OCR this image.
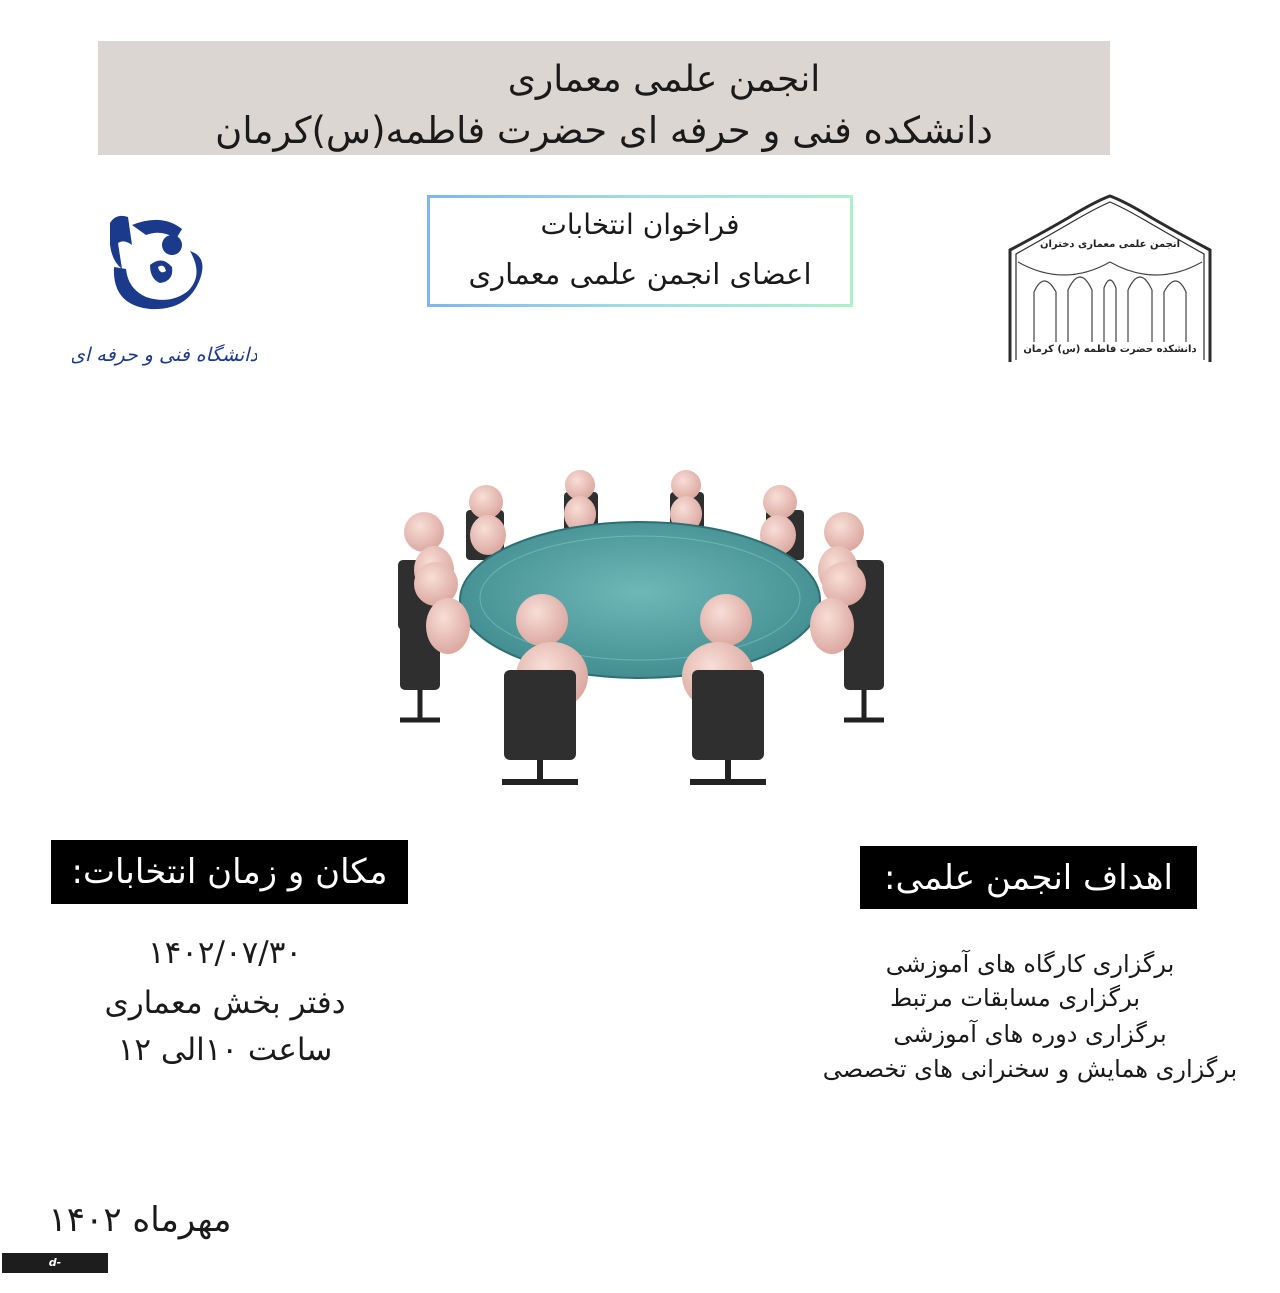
انجمن علمی معماری
دانشکده فنی و حرفه ای حضرت فاطمه(س)کرمان
فراخوان انتخابات
اعضای انجمن علمی معماری
دانشگاه فنی و حرفه ای
انجمن علمی معماری دختران
دانشکده حضرت فاطمه (س) کرمان
اهداف انجمن علمی:
برگزاری کارگاه های آموزشی
برگزاری مسابقات مرتبط
برگزاری دوره های آموزشی
برگزاری همایش و سخنرانی های تخصصی
مکان و زمان انتخابات:
۱۴۰۲/۰۷/۳۰
دفتر بخش معماری
ساعت ۱۰الی ۱۲
مهرماه ۱۴۰۲
d-kerman.tvu.ac.ir
